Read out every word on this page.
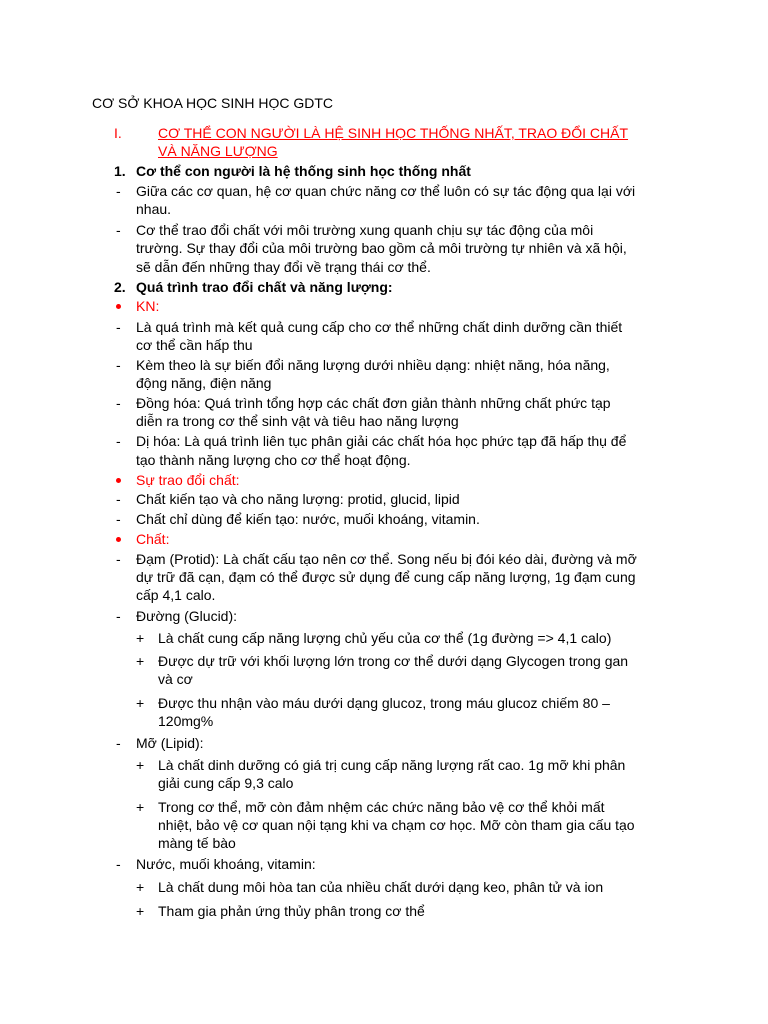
CƠ SỞ KHOA HỌC SINH HỌC GDTC
I.	CƠ THỂ CON NGƯỜI LÀ HỆ SINH HỌC THỐNG NHẤT, TRAO ĐỔI CHẤT
VÀ NĂNG LƯỢNG
1. Cơ thể con người là hệ thống sinh học thống nhất
- Giữa các cơ quan, hệ cơ quan chức năng cơ thể luôn có sự tác động qua lại với
nhau.
- Cơ thể trao đổi chất với môi trường xung quanh chịu sự tác động của môi
trường. Sự thay đổi của môi trường bao gồm cả môi trường tự nhiên và xã hội,
sẽ dẫn đến những thay đổi về trạng thái cơ thể.
2. Quá trình trao đổi chất và năng lượng:
KN:
- Là quá trình mà kết quả cung cấp cho cơ thể những chất dinh dưỡng cần thiết
cơ thể cần hấp thu
- Kèm theo là sự biến đổi năng lượng dưới nhiều dạng: nhiệt năng, hóa năng,
động năng, điện năng
- Đồng hóa: Quá trình tổng hợp các chất đơn giản thành những chất phức tạp
diễn ra trong cơ thể sinh vật và tiêu hao năng lượng
- Dị hóa: Là quá trình liên tục phân giải các chất hóa học phức tạp đã hấp thụ để
tạo thành năng lượng cho cơ thể hoạt động.
Sự trao đổi chất:
- Chất kiến tạo và cho năng lượng: protid, glucid, lipid
- Chất chỉ dùng để kiến tạo: nước, muối khoáng, vitamin.
Chất:
- Đạm (Protid): Là chất cấu tạo nên cơ thể. Song nếu bị đói kéo dài, đường và mỡ
dự trữ đã cạn, đạm có thể được sử dụng để cung cấp năng lượng, 1g đạm cung
cấp 4,1 calo.
- Đường (Glucid):
+ Là chất cung cấp năng lượng chủ yếu của cơ thể (1g đường => 4,1 calo)
+ Được dự trữ với khối lượng lớn trong cơ thể dưới dạng Glycogen trong gan
và cơ
+ Được thu nhận vào máu dưới dạng glucoz, trong máu glucoz chiếm 80 –
120mg%
- Mỡ (Lipid):
+ Là chất dinh dưỡng có giá trị cung cấp năng lượng rất cao. 1g mỡ khi phân
giải cung cấp 9,3 calo
+ Trong cơ thể, mỡ còn đảm nhệm các chức năng bảo vệ cơ thể khỏi mất
nhiệt, bảo vệ cơ quan nội tạng khi va chạm cơ học. Mỡ còn tham gia cấu tạo
màng tế bào
- Nước, muối khoáng, vitamin:
+ Là chất dung môi hòa tan của nhiều chất dưới dạng keo, phân tử và ion
+ Tham gia phản ứng thủy phân trong cơ thể
